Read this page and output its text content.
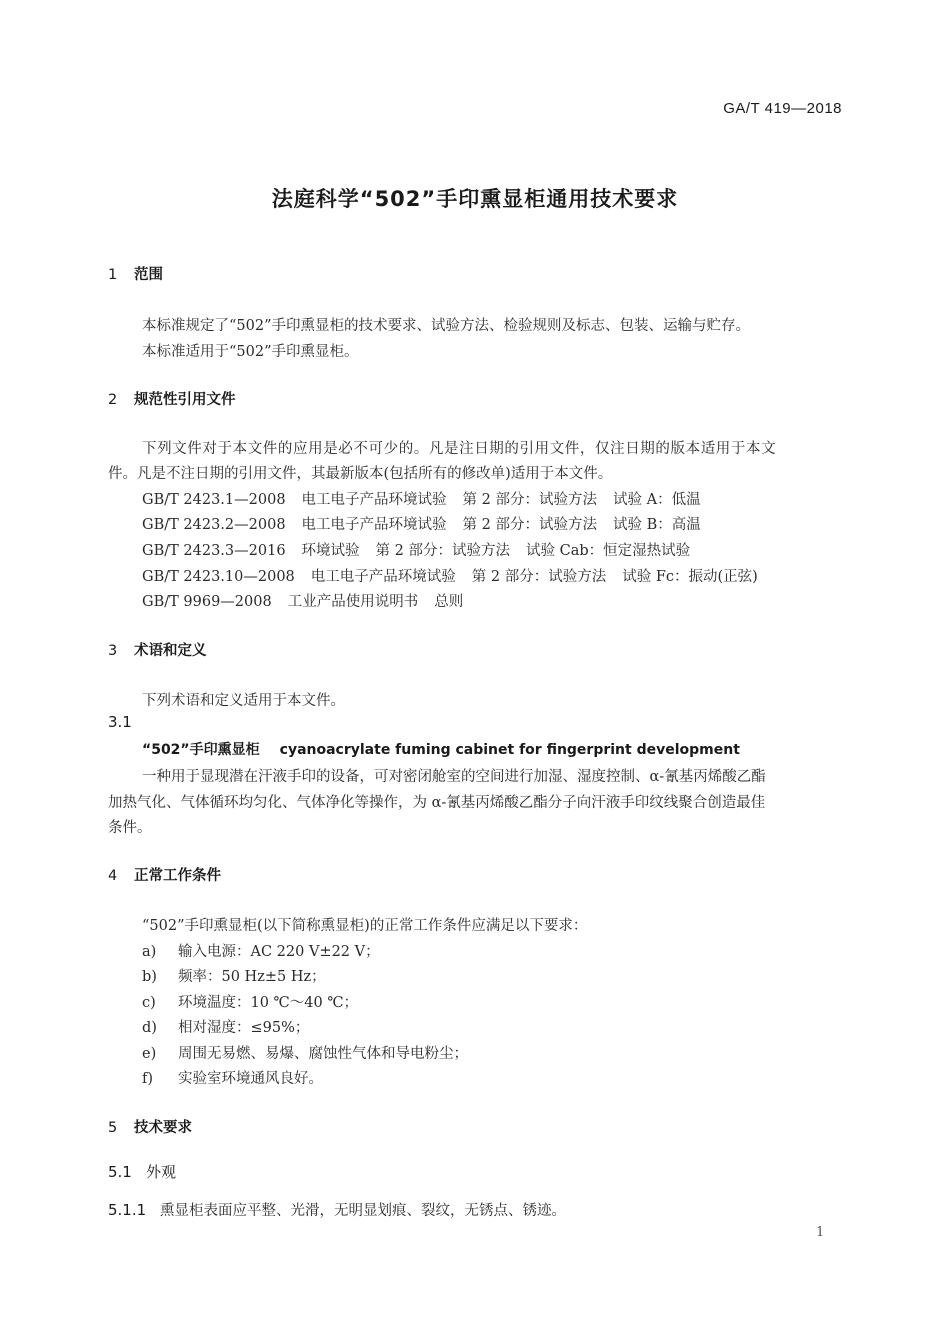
GA/T 419—2018
法庭科学“502”手印熏显柜通用技术要求
1 范围
本标准规定了“502”手印熏显柜的技术要求、试验方法、检验规则及标志、包装、运输与贮存。
本标准适用于“502”手印熏显柜。
2 规范性引用文件
下列文件对于本文件的应用是必不可少的。凡是注日期的引用文件，仅注日期的版本适用于本文
件。凡是不注日期的引用文件，其最新版本(包括所有的修改单)适用于本文件。
GB/T 2423.1—2008 电工电子产品环境试验 第 2 部分：试验方法 试验 A：低温
GB/T 2423.2—2008 电工电子产品环境试验 第 2 部分：试验方法 试验 B：高温
GB/T 2423.3—2016 环境试验 第 2 部分：试验方法 试验 Cab：恒定湿热试验
GB/T 2423.10—2008 电工电子产品环境试验 第 2 部分：试验方法 试验 Fc：振动(正弦)
GB/T 9969—2008 工业产品使用说明书 总则
3 术语和定义
下列术语和定义适用于本文件。
3.1
“502”手印熏显柜 cyanoacrylate fuming cabinet for fingerprint development
一种用于显现潜在汗液手印的设备，可对密闭舱室的空间进行加湿、湿度控制、α-氰基丙烯酸乙酯
加热气化、气体循环均匀化、气体净化等操作，为 α-氰基丙烯酸乙酯分子向汗液手印纹线聚合创造最佳
条件。
4 正常工作条件
“502”手印熏显柜(以下简称熏显柜)的正常工作条件应满足以下要求：
a) 输入电源：AC 220 V±22 V；
b) 频率：50 Hz±5 Hz；
c) 环境温度：10 ℃～40 ℃；
d) 相对湿度：≤95%；
e) 周围无易燃、易爆、腐蚀性气体和导电粉尘；
f) 实验室环境通风良好。
5 技术要求
5.1 外观
5.1.1 熏显柜表面应平整、光滑，无明显划痕、裂纹，无锈点、锈迹。
1
